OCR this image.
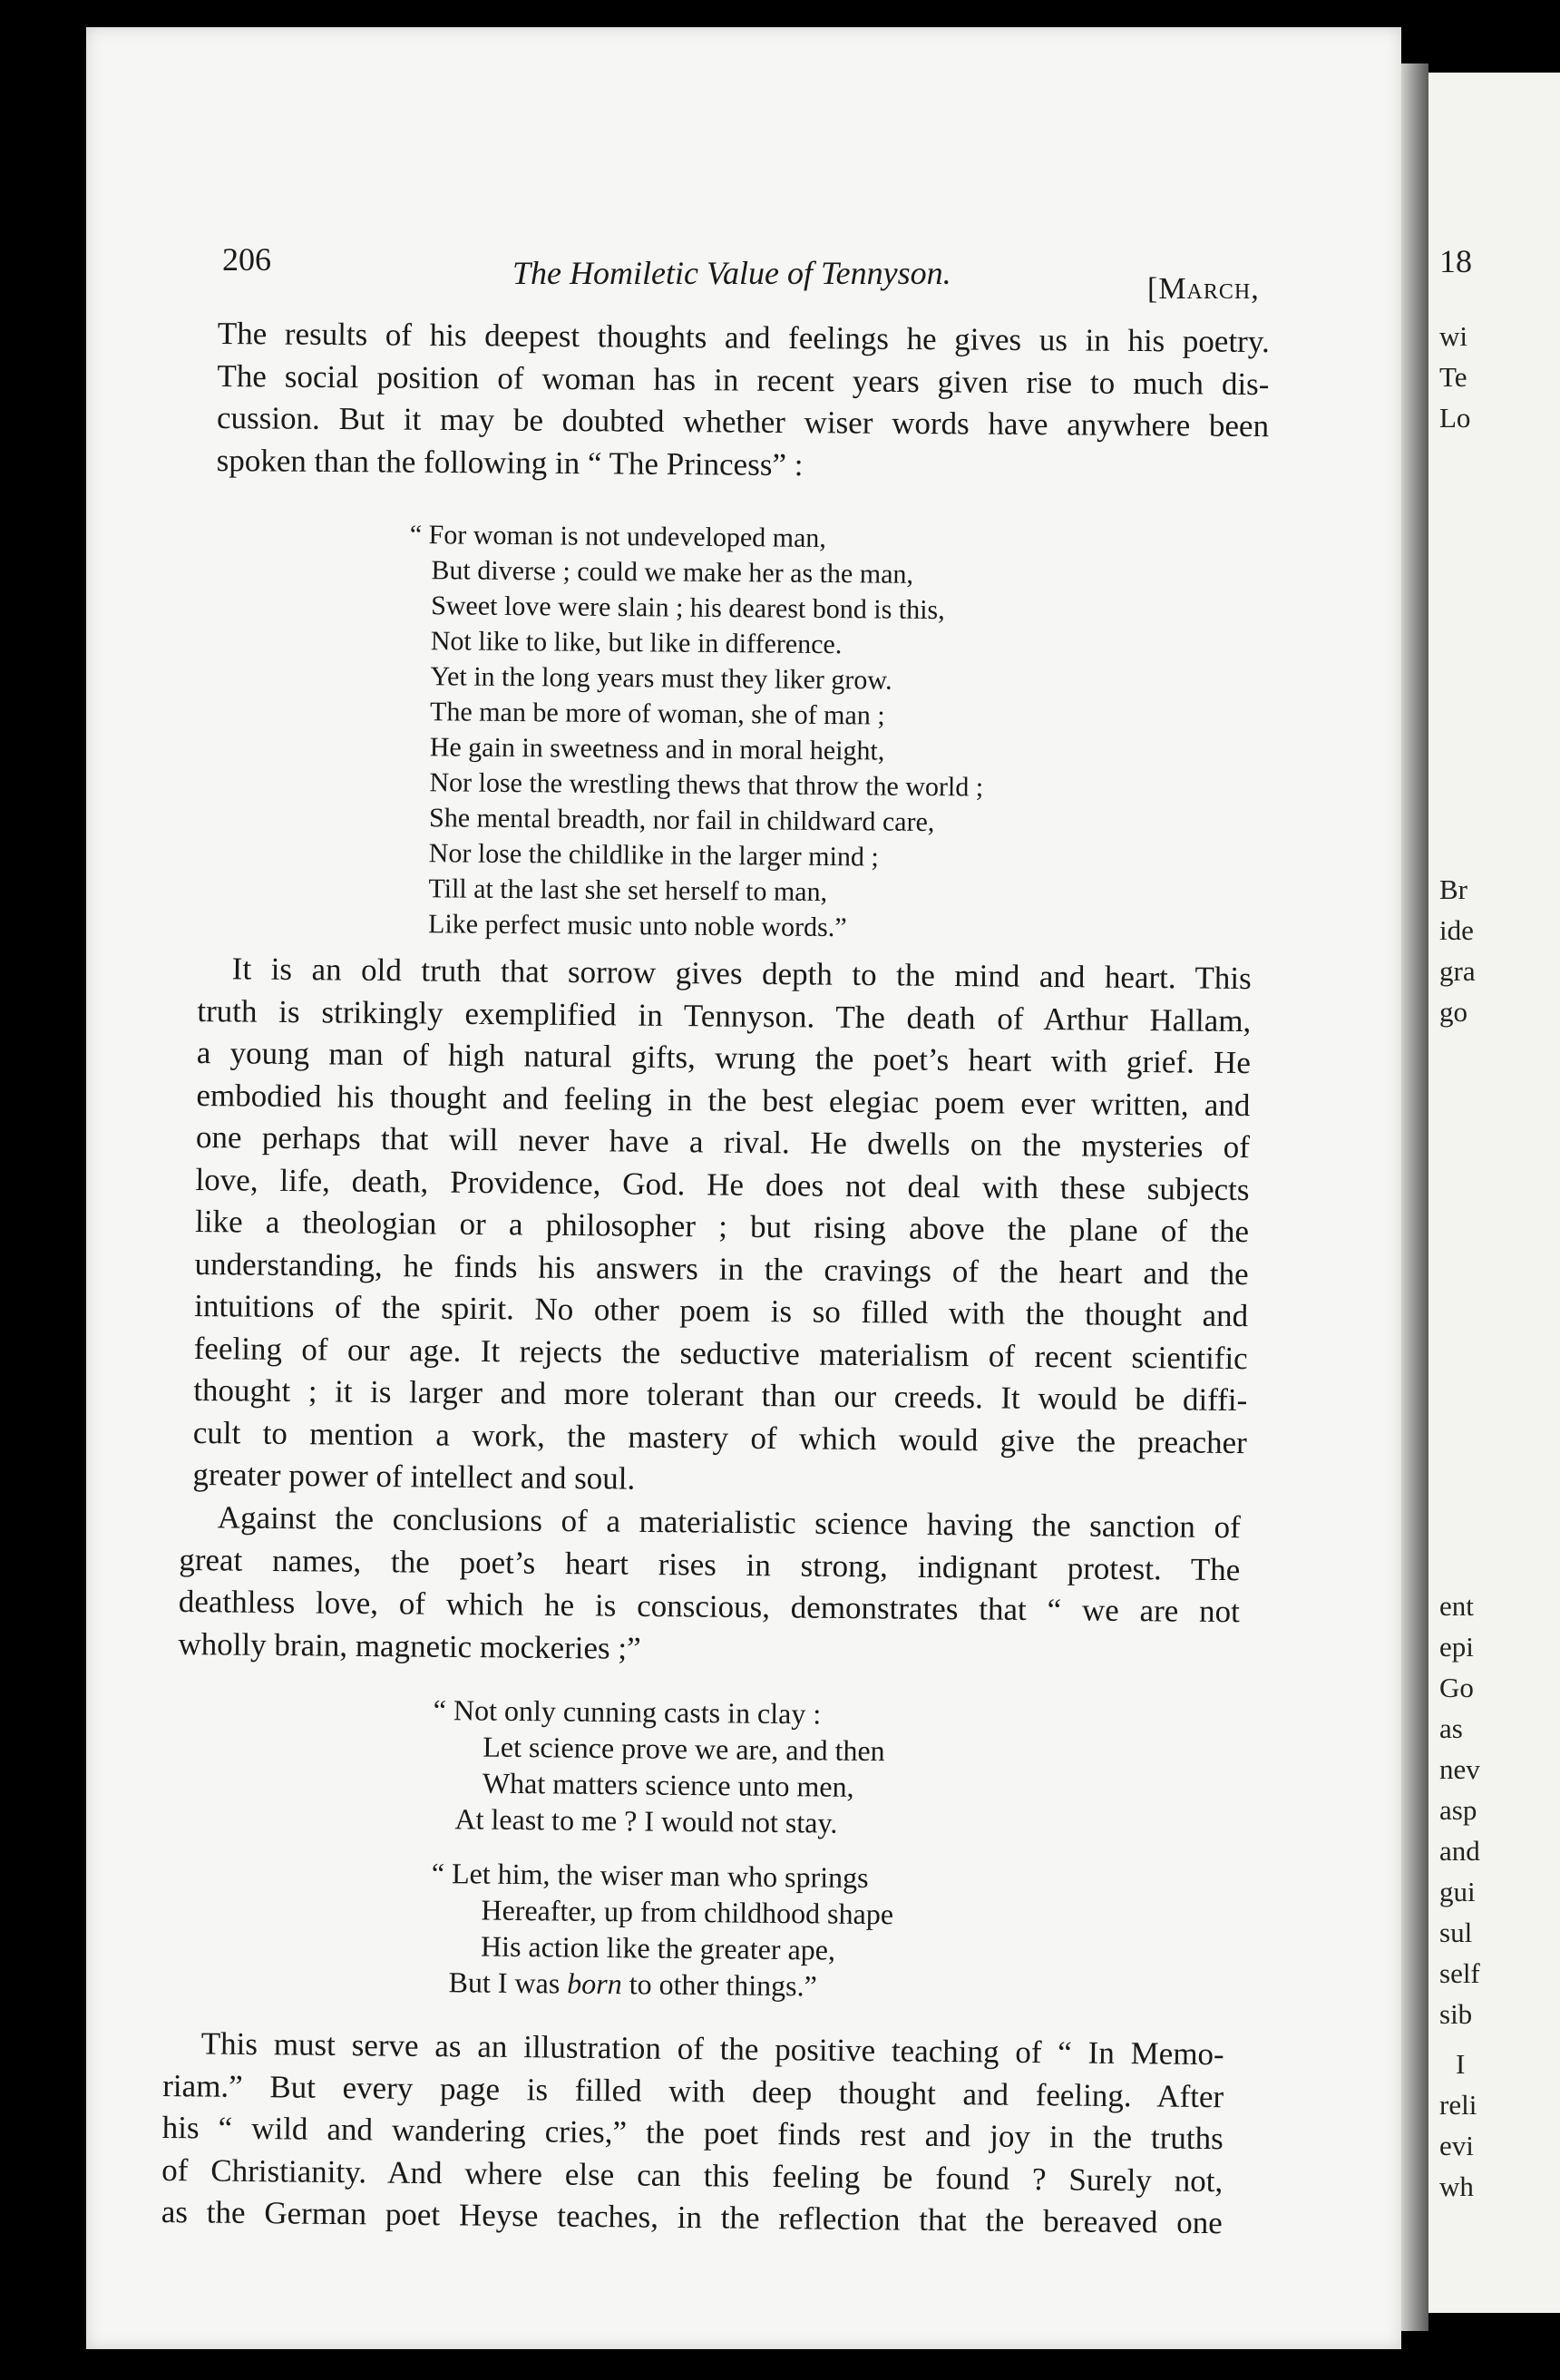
18
wi
Te
Lo
Br
ide
gra
go
ent
epi
Go
as
nev
asp
and
gui
sul
self
sib
I
reli
evi
wh
206	The Homiletic Value of Tennyson.	[March,
The results of his deepest thoughts and feelings he gives us in his poetry.
The social position of woman has in recent years given rise to much dis-
cussion. But it may be doubted whether wiser words have anywhere been
spoken than the following in “ The Princess” :
“ For woman is not undeveloped man,
But diverse ; could we make her as the man,
Sweet love were slain ; his dearest bond is this,
Not like to like, but like in difference.
Yet in the long years must they liker grow.
The man be more of woman, she of man ;
He gain in sweetness and in moral height,
Nor lose the wrestling thews that throw the world ;
She mental breadth, nor fail in childward care,
Nor lose the childlike in the larger mind ;
Till at the last she set herself to man,
Like perfect music unto noble words.”
It is an old truth that sorrow gives depth to the mind and heart. This
truth is strikingly exemplified in Tennyson. The death of Arthur Hallam,
a young man of high natural gifts, wrung the poet’s heart with grief. He
embodied his thought and feeling in the best elegiac poem ever written, and
one perhaps that will never have a rival. He dwells on the mysteries of
love, life, death, Providence, God. He does not deal with these subjects
like a theologian or a philosopher ; but rising above the plane of the
understanding, he finds his answers in the cravings of the heart and the
intuitions of the spirit. No other poem is so filled with the thought and
feeling of our age. It rejects the seductive materialism of recent scientific
thought ; it is larger and more tolerant than our creeds. It would be diffi-
cult to mention a work, the mastery of which would give the preacher
greater power of intellect and soul.
Against the conclusions of a materialistic science having the sanction of
great names, the poet’s heart rises in strong, indignant protest. The
deathless love, of which he is conscious, demonstrates that “ we are not
wholly brain, magnetic mockeries ;”
“ Not only cunning casts in clay :
Let science prove we are, and then
What matters science unto men,
At least to me ? I would not stay.
“ Let him, the wiser man who springs
Hereafter, up from childhood shape
His action like the greater ape,
But I was born to other things.”
This must serve as an illustration of the positive teaching of “ In Memo-
riam.” But every page is filled with deep thought and feeling. After
his “ wild and wandering cries,” the poet finds rest and joy in the truths
of Christianity. And where else can this feeling be found ? Surely not,
as the German poet Heyse teaches, in the reflection that the bereaved one
